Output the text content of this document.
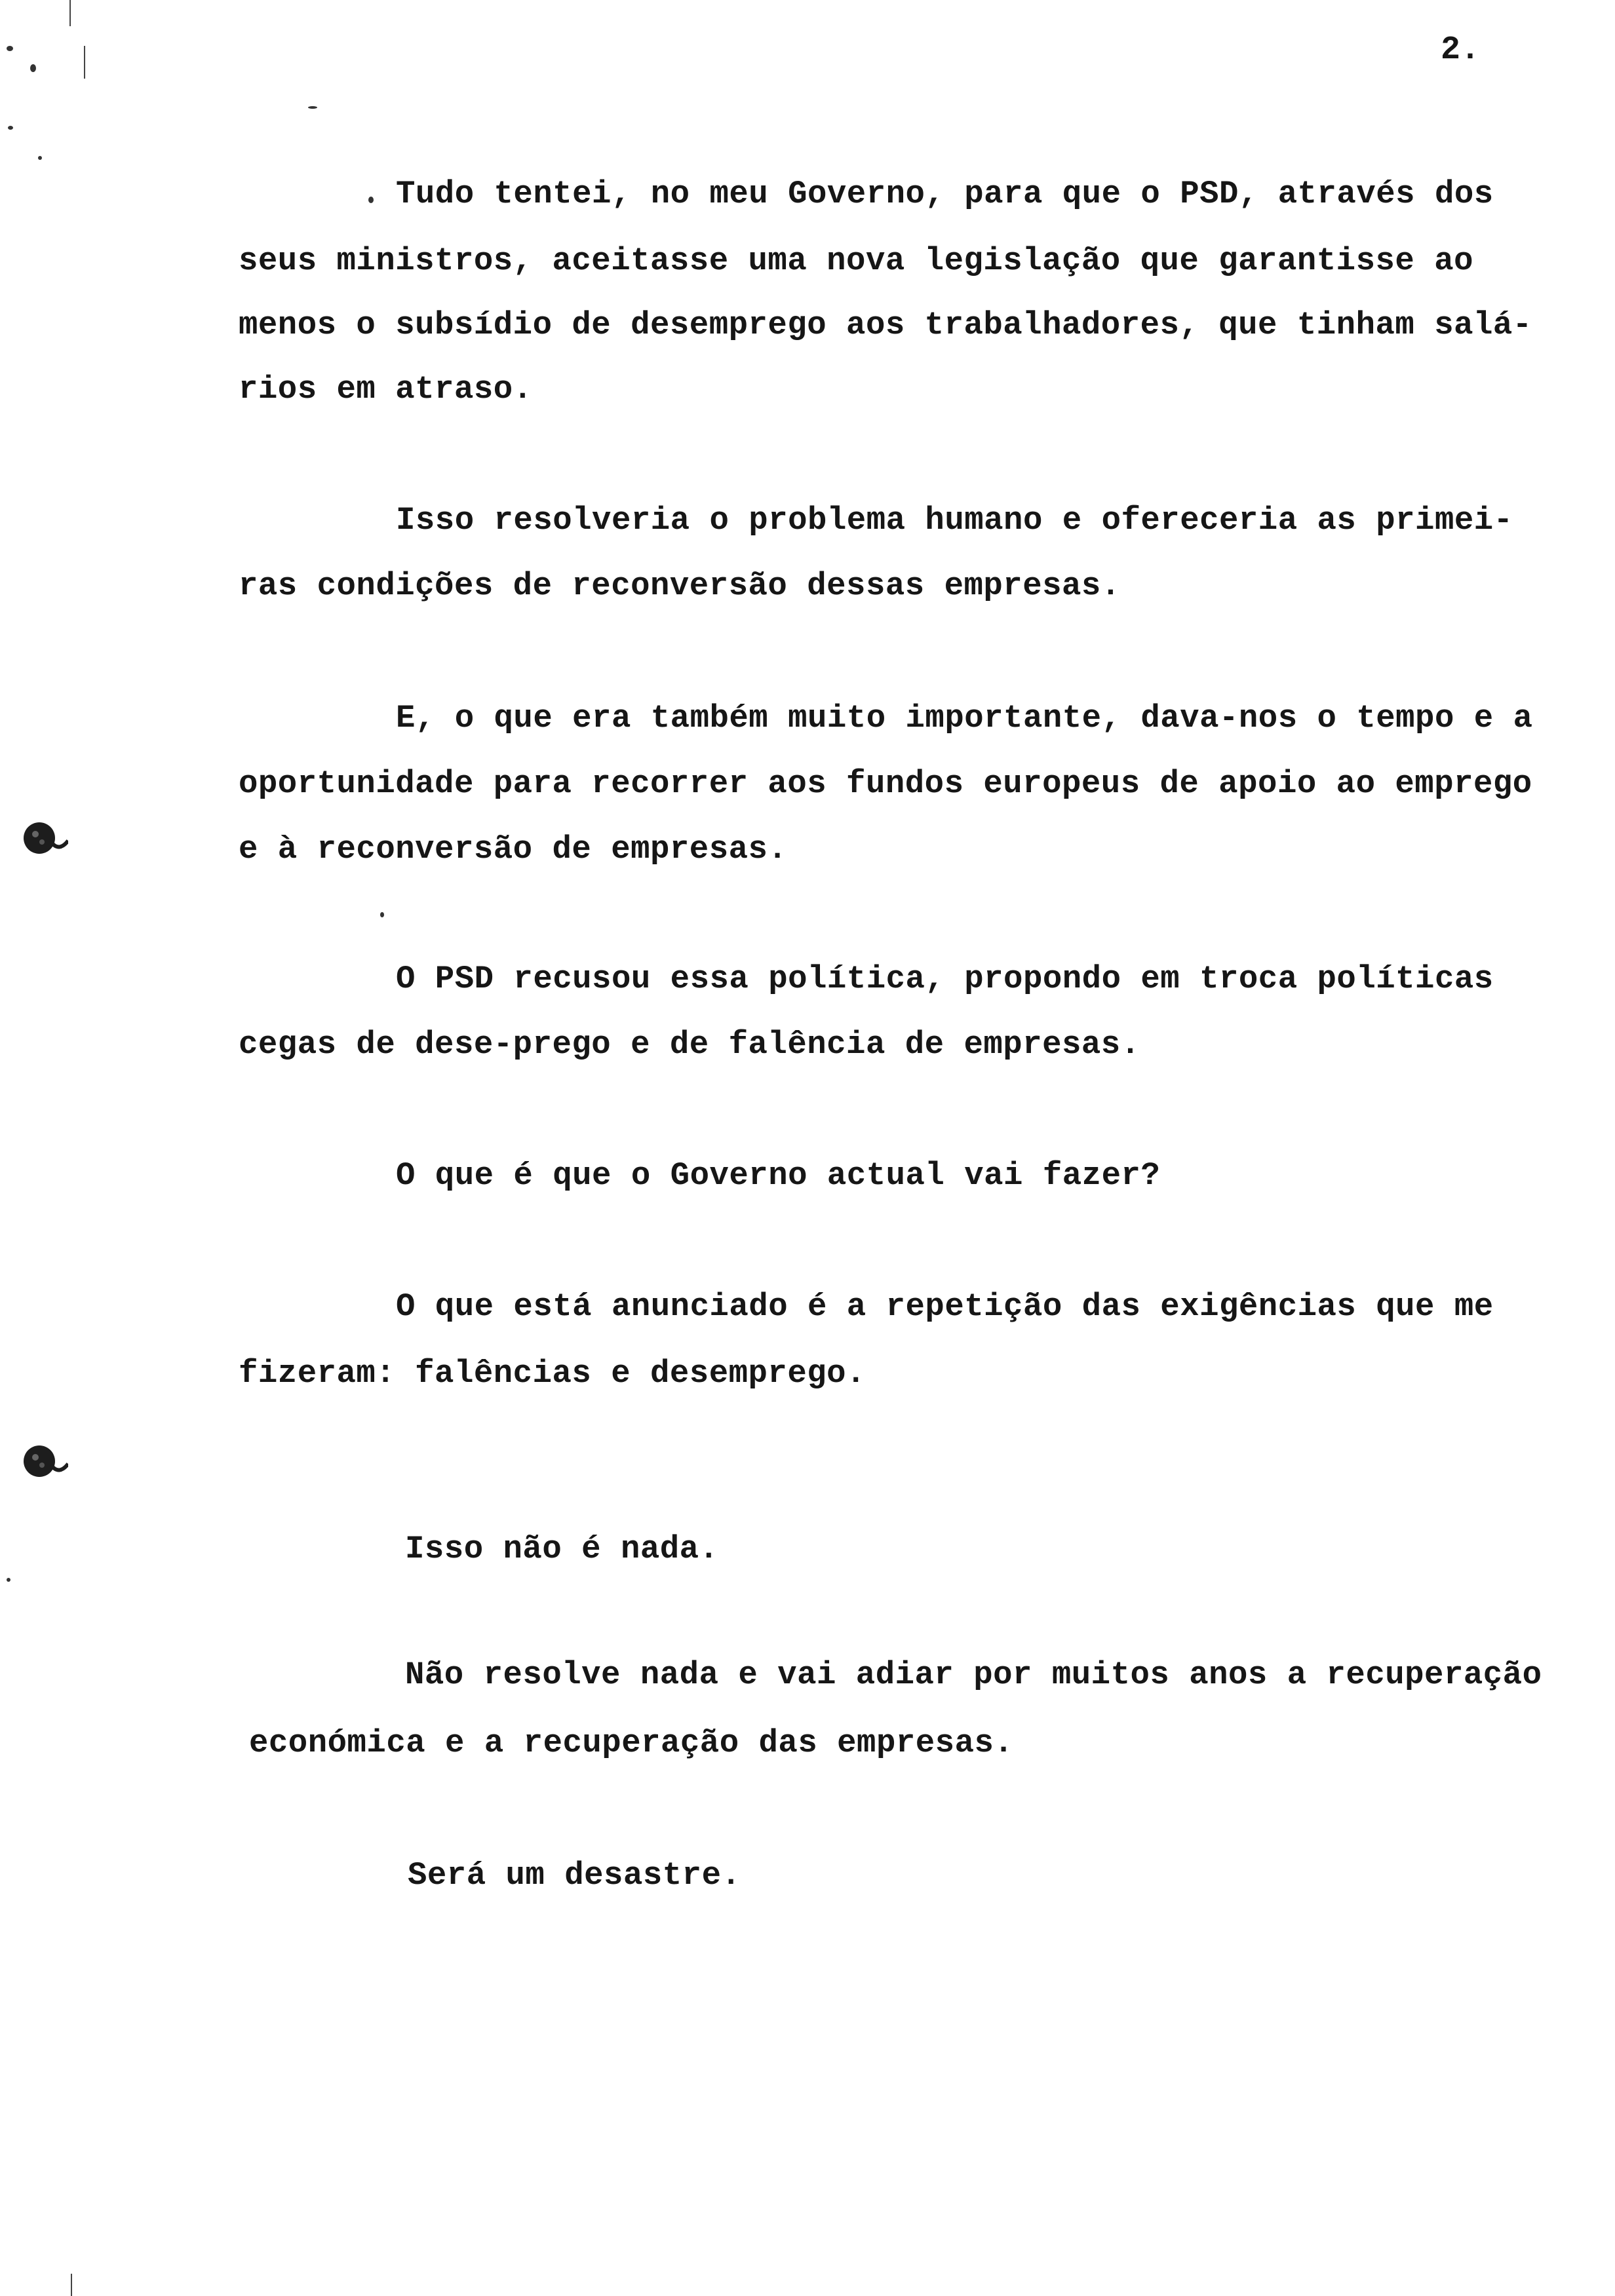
2.
Tudo tentei, no meu Governo, para que o PSD, através dos
seus ministros, aceitasse uma nova legislação que garantisse ao
menos o subsídio de desemprego aos trabalhadores, que tinham salá-
rios em atraso.
Isso resolveria o problema humano e ofereceria as primei-
ras condições de reconversão dessas empresas.
E, o que era também muito importante, dava-nos o tempo e a
oportunidade para recorrer aos fundos europeus de apoio ao emprego
e à reconversão de empresas.
O PSD recusou essa política, propondo em troca políticas
cegas de dese-prego e de falência de empresas.
O que é que o Governo actual vai fazer?
O que está anunciado é a repetição das exigências que me
fizeram: falências e desemprego.
Isso não é nada.
Não resolve nada e vai adiar por muitos anos a recuperação
económica e a recuperação das empresas.
Será um desastre.
